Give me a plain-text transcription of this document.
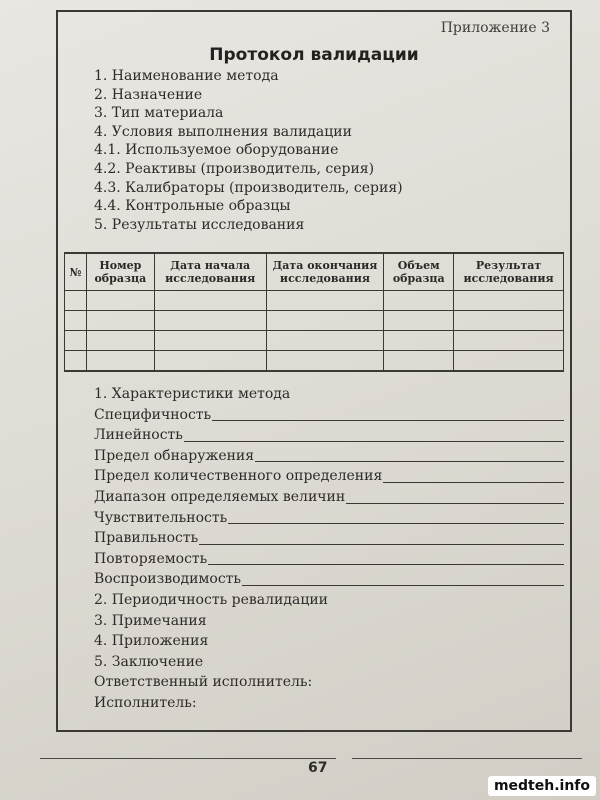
Приложение 3
Протокол валидации
1. Наименование метода
2. Назначение
3. Тип материала
4. Условия выполнения валидации
4.1. Используемое оборудование
4.2. Реактивы (производитель, серия)
4.3. Калибраторы (производитель, серия)
4.4. Контрольные образцы
5. Результаты исследования
№	Номер образца	Дата начала исследования	Дата окончания исследования	Объем образца	Результат исследования

1. Характеристики метода
Специфичность
Линейность
Предел обнаружения
Предел количественного определения
Диапазон определяемых величин
Чувствительность
Правильность
Повторяемость
Воспроизводимость
2. Периодичность ревалидации
3. Примечания
4. Приложения
5. Заключение
Ответственный исполнитель:
Исполнитель:
67
medteh.info
